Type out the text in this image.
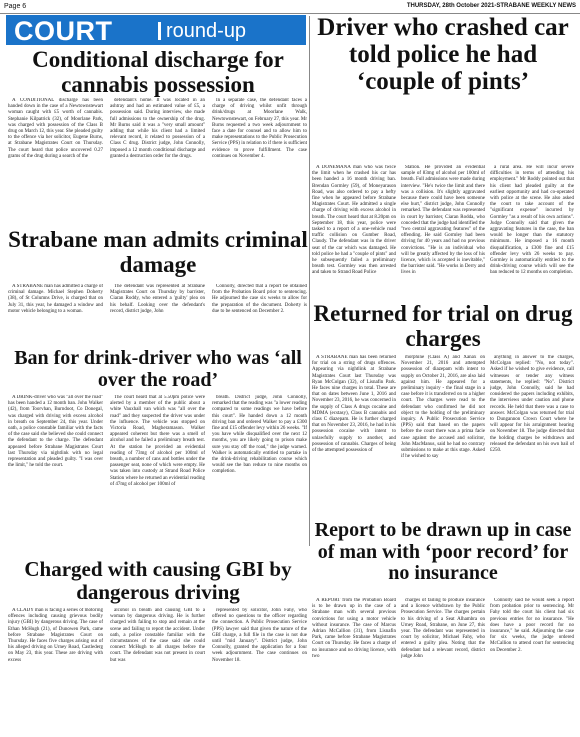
Page 6	THURSDAY, 28th October 2021-STRABANE WEEKLY NEWS
COURT	round-up
Conditional discharge for cannabis possession

A CONDITIONAL discharge has been handed down in the case of a Newtownstewart woman caught with £5 worth of cannabis. Stephanie Kilpatrick (32), of Moorlane Park, was charged with possession of the Class B drug on March 12, this year. She pleaded guilty to the offence via her solicitor, Eugene Burns, at Strabane Magistrates Court on Thursday. The court heard that police uncovered 0.27 grams of the drug during a search of the

defendant's home. It was located in an ashtray and had an estimated value of £5, a possession said. During interview, she made full admissions to the ownership of the drug. Mr Burns said it was a "very small amount" adding that while his client had a limited relevant record, it related to possession of a Class C drug. District judge, John Connolly, imposed a 12 month conditional discharge and granted a destruction order for the drugs.

In a separate case, the defendant faces a charge of driving whilst unfit through drink/drugs at Moorlane Walk, Newtownstewart, on February 27, this year. Mr Burns requested a two week adjournment to face a date for counsel and to allow him to make representations to the Public Prosecution Service (PPS) in relation to if there is sufficient evidence to prove fulfillment. The case continues on November 4.

Driver who crashed car told police he had ‘couple of pints’

A DONEMANA man who was twice the limit when he crashed his car has been handed a 16 month driving ban. Brendan Gormley (59), of Moneyarason Road, was also ordered to pay a hefty fine when he appeared before Strabane Magistrates Court. He admitted a single charge of driving with excess alcohol in breath. The court heard that at 8.20pm on September 18, this year, police were tasked to a report of a one-vehicle road traffic collision on Gumber Road, Claudy. The defendant was in the driver seat of the car which was damaged. He told police he had a "couple of pints" and he subsequently failed a preliminary breath test. Gormley was then arrested and taken to Strand Road Police

Station. He provided an evidential sample of 83mg of alcohol per 100ml of breath. Full admissions were made during interview. "He's twice the limit and there was a collision. It's slightly aggravated because there could have been someone else hurt," district judge, John Connolly remarked. The defendant was represented in court by barrister, Ciaran Rodda, who conceded that the judge had identified the "two central aggravating features" of the offending. He said Gormley had been driving for 40 years and had no previous convictions. "He is an individual who will be greatly affected by the loss of his licence, which is accepted is inevitable," the barrister said. "He works in Derry and lives in

a rural area. He will incur severe difficulties in terms of attending his employment." Mr Roddy pointed out that his client had pleaded guilty at the earliest opportunity and had co-operated with police at the scene. He also asked the court to take account of the "significant expense" incurred by Gormley "as a result of his own actions". Judge Connolly said that given the aggravating features in the case, the ban would be longer than the statutory minimum. He imposed a 16 month disqualification, a £300 fine and £15 offender levy with 26 weeks to pay. Gormley is automatically entitled to the drink-driving course which will see the ban reduced to 12 months on completion.

Strabane man admits criminal damage

A STRABANE man has admitted a charge of criminal damage. Michael Stephen Doherty (38), of St Columns Drive, is charged that on July 31, this year, he damaged a window and motor vehicle belonging to a woman.

The defendant was represented at Strabane Magistrates Court on Thursday by barrister, Ciaran Roddy, who entered a 'guilty' plea on his behalf. Looking over the defendant's record, district judge, John

Connolly, directed that a report be obtained from the Probation Board prior to sentencing. He adjourned the case six weeks to allow for the preparation of the document. Doherty is due to be sentenced on December 2.

Ban for drink-driver who was ‘all over the road’

A DRINK-driver who was "all over the road" has been handed a 12 month ban. John Walker (42), from Toorvhan, Burndoot, Co Donegal, was charged with driving with excess alcohol in breath on September 24, this year. Under oath, a police constable familiar with the facts of the case said she believed she could connect the defendant to the charge. The defendant appeared before Strabane Magistrates Court last Thursday via nightlink with no legal representation and pleaded guilty. "I was over the limit," he told the court.

The court heard that at 5.50pm police were alerted by a member of the public about a white Vauxhall van which was "all over the road" and they suspected the driver was under the influence. The vehicle was stopped on Victoria Road, Magheramason. Walker appeared coherent but there was a smell of alcohol and he failed a preliminary breath test. At the station he provided an evidential reading of 73mg of alcohol per 100ml of breath, a number of cans and bottles under the passenger seat, none of which were empty. He was taken into custody at Strand Road Police Station where he returned an evidential reading of 47mg of alcohol per 100ml of

breath. District judge, John Connolly, remarked that the reading was "a lower reading compared to some readings we have before this court". He handed down a 12 month driving ban and ordered Walker to pay a £300 fine and £15 offender levy within 26 weeks. "If you have while disqualified over the next 12 months, you are likely going to prison make sure you stay off the road," the judge warned. Walker is automatically entitled to partake in the drink-driving rehabilitation course which would see the ban reduce to nine months on completion.

Returned for trial on drug charges

A STRABANE man has been returned for trial on a string of drugs offences. Appearing via nightlink at Strabane Magistrates Court last Thursday was Ryan McColgan (32), of Lisnafin Park. He faces nine charges in total. These are that on dates between June 1, 2016 and November 23, 2016, he was concerned in the supply of Class A drugs cocaine and MDMA (ecstasy), Class B cannabis and class C diazepam. He is further charged that on November 23, 2016, he had in his possession cocaine with intent to unlawfully supply to another, and possession of cannabis. Charges of being of the attempted possession of

morphine (Class A) and Xanax on November 21, 2016 and attempted possession of diazepam with intent to supply on October 21, 2016, are also laid against him. He appeared for a preliminary inquiry - the final stage in a case before it is transferred on to a higher court. The charges were read to the defendant who confirmed he did not object to the holding of the preliminary inquiry. A Public Prosecution Service (PPS) said that based on the papers before the court there was a prima facie case against the accused and solicitor, John MacManus, said he had no contrary submissions to make at this stage. Asked if he wished to say

anything in answer to the charges, McColgan replied: "No, not today". Asked if he wished to give evidence, call witnesses or tender any witness statements, he replied: "No". District judge, John Connolly, said he had considered the papers including exhibits, the interviews under caution and phone records. He held that there was a case to answer. McColgan was returned for trial to Dungannon Crown Court where he will appear for his arraignment hearing on November 18. The judge directed that the holding charges be withdrawn and released the defendant on his own bail of £250.

Charged with causing GBI by dangerous driving

A CLADY man is facing a series of motoring offences including causing grievous bodily injury (GBI) by dangerous driving. The case of Ethan McHugh (21), of Dunowen Park, came before Strabane Magistrates Court on Thursday. He faces five charges arising out of his alleged driving on Urney Road, Castlederg on May 23, this year. These are driving with excess

alcohol in breath and causing GBI to a woman by dangerous driving. He is further charged with failing to stop and remain at the scene and failing to report the accident. Under oath, a police constable familiar with the circumstances of the case said she could connect McHugh to all charges before the court. The defendant was not present in court but was

represented by solicitor, John Fahy, who offered no questions to the officer regarding the connection. A Public Prosecution Service (PPS) lawyer said that given the nature of the GBI charge, a full file in the case is not due until "mid January". District judge, John Connolly, granted the application for a four week adjournment. The case continues on November 18.

Report to be drawn up in case of man with ‘poor record’ for no insurance

A REPORT from the Probation Board is to be drawn up in the case of a Strabane man with several previous convictions for using a motor vehicle without insurance. The case of Marcus Adrian McCallion (31), from Lisnafin Park, came before Strabane Magistrates Court on Thursday. He faces a charge of no insurance and no driving licence, with two

charges of failing to produce insurance and a licence withdrawn by the Public Prosecution Service. The charges pertain to his driving of a Seat Alhambra on Urney Road, Strabane, on June 27, this year. The defendant was represented in court by solicitor, Michael Fahy, who entered a guilty plea. Noting that the defendant had a relevant record, district judge John

Connolly said he would seek a report from probation prior to sentencing. Mr Fahy told the court his client had six previous entries for no insurance. "He does have a poor record for no insurance," he said. Adjourning the case for six weeks, the judge ordered McCallion to attend court for sentencing on December 2.
